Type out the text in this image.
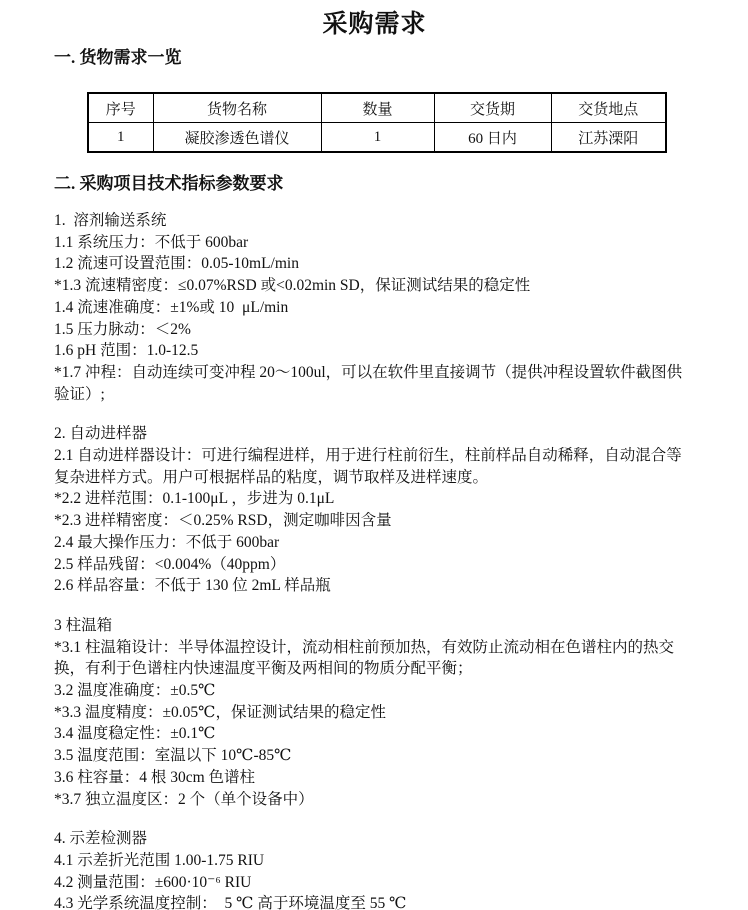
采购需求
一. 货物需求一览
序号	货物名称	数量	交货期	交货地点
1	凝胶渗透色谱仪	1	60 日内	江苏溧阳
二. 采购项目技术指标参数要求
1.  溶剂输送系统
1.1 系统压力：不低于 600bar
1.2 流速可设置范围：0.05-10mL/min
*1.3 流速精密度：≤0.07%RSD 或<0.02min SD，保证测试结果的稳定性
1.4 流速准确度：±1%或 10  μL/min
1.5 压力脉动：＜2%
1.6 pH 范围：1.0-12.5
*1.7 冲程：自动连续可变冲程 20～100ul，可以在软件里直接调节（提供冲程设置软件截图供验证）;
2. 自动进样器
2.1 自动进样器设计：可进行编程进样，用于进行柱前衍生，柱前样品自动稀释，自动混合等复杂进样方式。用户可根据样品的粘度，调节取样及进样速度。
*2.2 进样范围：0.1-100μL ，步进为 0.1μL
*2.3 进样精密度：＜0.25% RSD，测定咖啡因含量
2.4 最大操作压力：不低于 600bar
2.5 样品残留：<0.004%（40ppm）
2.6 样品容量：不低于 130 位 2mL 样品瓶
3 柱温箱
*3.1 柱温箱设计：半导体温控设计，流动相柱前预加热，有效防止流动相在色谱柱内的热交换，有利于色谱柱内快速温度平衡及两相间的物质分配平衡；
3.2 温度准确度：±0.5℃
*3.3 温度精度：±0.05℃，保证测试结果的稳定性
3.4 温度稳定性：±0.1℃
3.5 温度范围：室温以下 10℃-85℃
3.6 柱容量：4 根 30cm 色谱柱
*3.7 独立温度区：2 个（单个设备中）
4. 示差检测器
4.1 示差折光范围 1.00-1.75 RIU
4.2 测量范围：±600·10⁻⁶ RIU
4.3 光学系统温度控制：  5 ℃ 高于环境温度至 55 ℃
